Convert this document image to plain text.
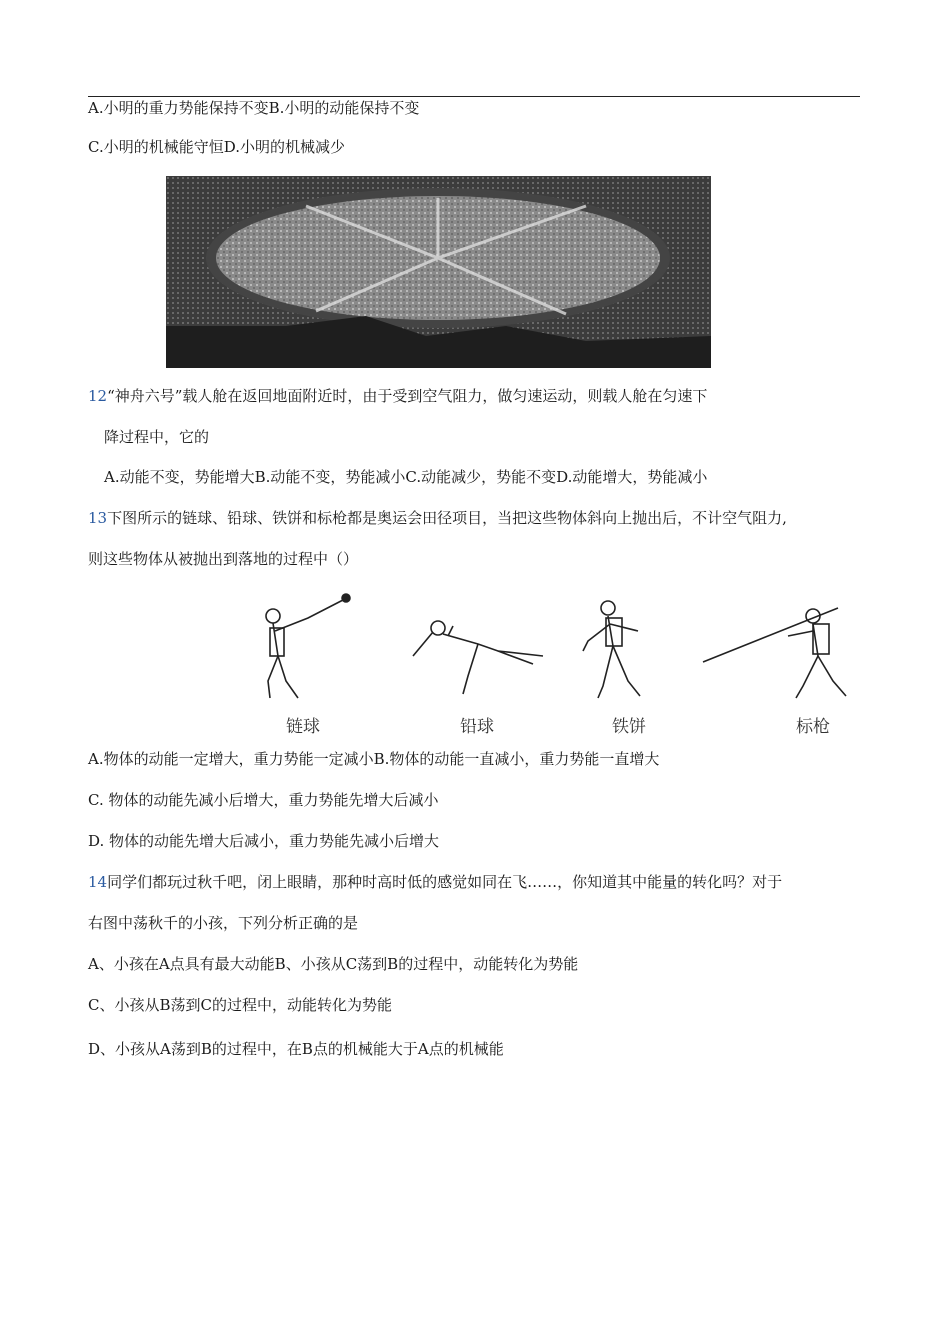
A.小明的重力势能保持不变B.小明的动能保持不变
C.小明的机械能守恒D.小明的机械减少
12“神舟六号”载人舱在返回地面附近时，由于受到空气阻力，做匀速运动，则载人舱在匀速下
降过程中，它的
A.动能不变，势能增大B.动能不变，势能减小C.动能减少，势能不变D.动能增大，势能减小
13下图所示的链球、铅球、铁饼和标枪都是奥运会田径项目，当把这些物体斜向上抛出后，不计空气阻力,
则这些物体从被抛出到落地的过程中（）
链球	铅球	铁饼	标枪
A.物体的动能一定增大，重力势能一定减小B.物体的动能一直减小，重力势能一直增大
C. 物体的动能先减小后增大，重力势能先增大后减小
D. 物体的动能先增大后减小，重力势能先减小后增大
14同学们都玩过秋千吧，闭上眼睛，那种时高时低的感觉如同在飞……，你知道其中能量的转化吗？对于
右图中荡秋千的小孩，下列分析正确的是
A、小孩在A点具有最大动能B、小孩从C荡到B的过程中，动能转化为势能
C、小孩从B荡到C的过程中，动能转化为势能
D、小孩从A荡到B的过程中，在B点的机械能大于A点的机械能
